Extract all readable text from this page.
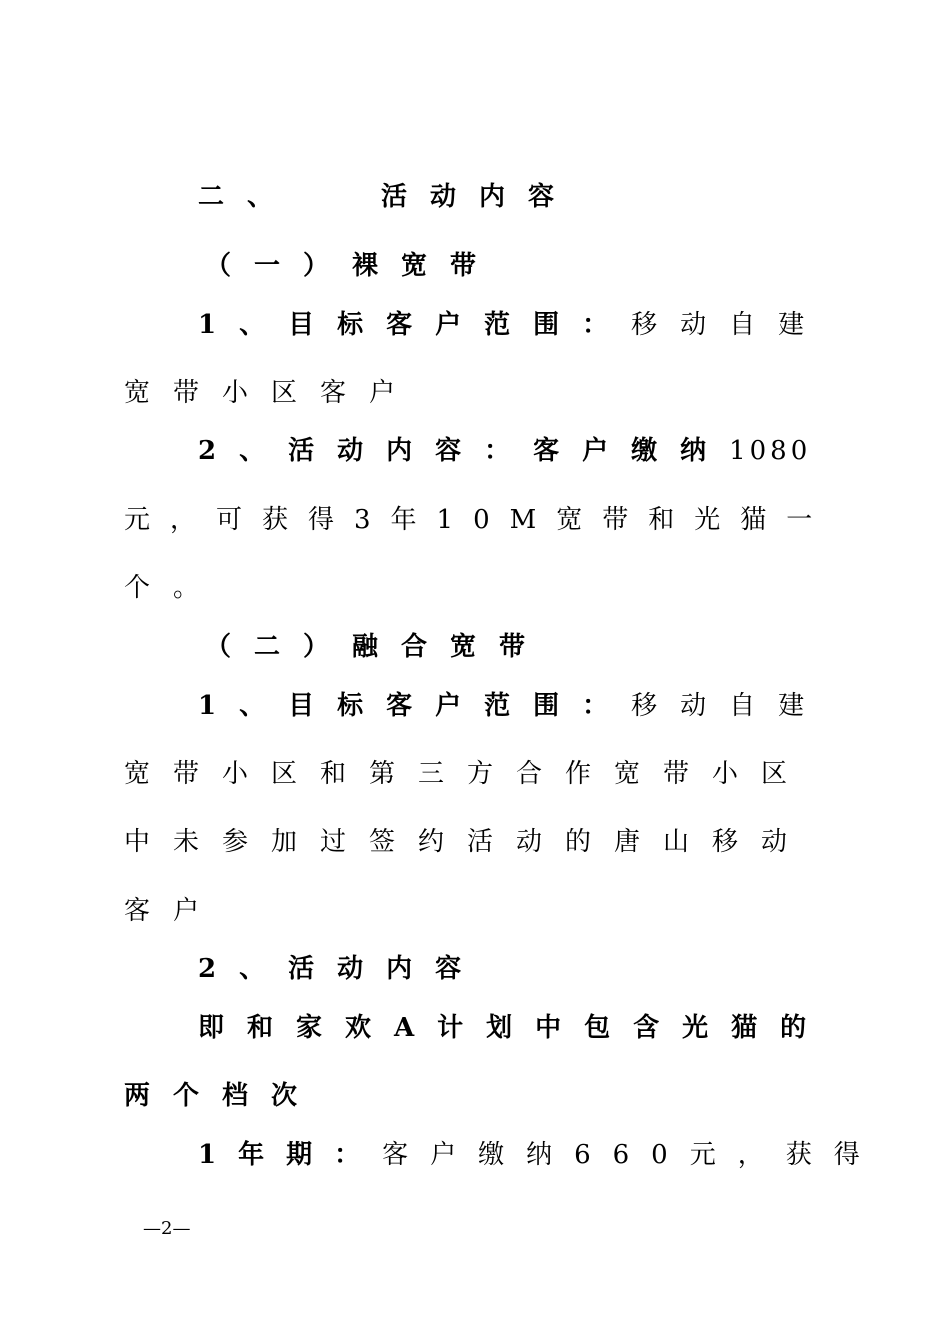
二、　　活动内容
（一）裸宽带
1、目标客户范围：移动自建
宽带小区客户
2、活动内容：客户缴纳1080
元，可获得3年10M宽带和光猫一
个。
（二）融合宽带
1、目标客户范围：移动自建
宽带小区和第三方合作宽带小区
中未参加过签约活动的唐山移动
客户
2、活动内容
即和家欢A计划中包含光猫的
两个档次
1年期：客户缴纳660元，获得
—2—
